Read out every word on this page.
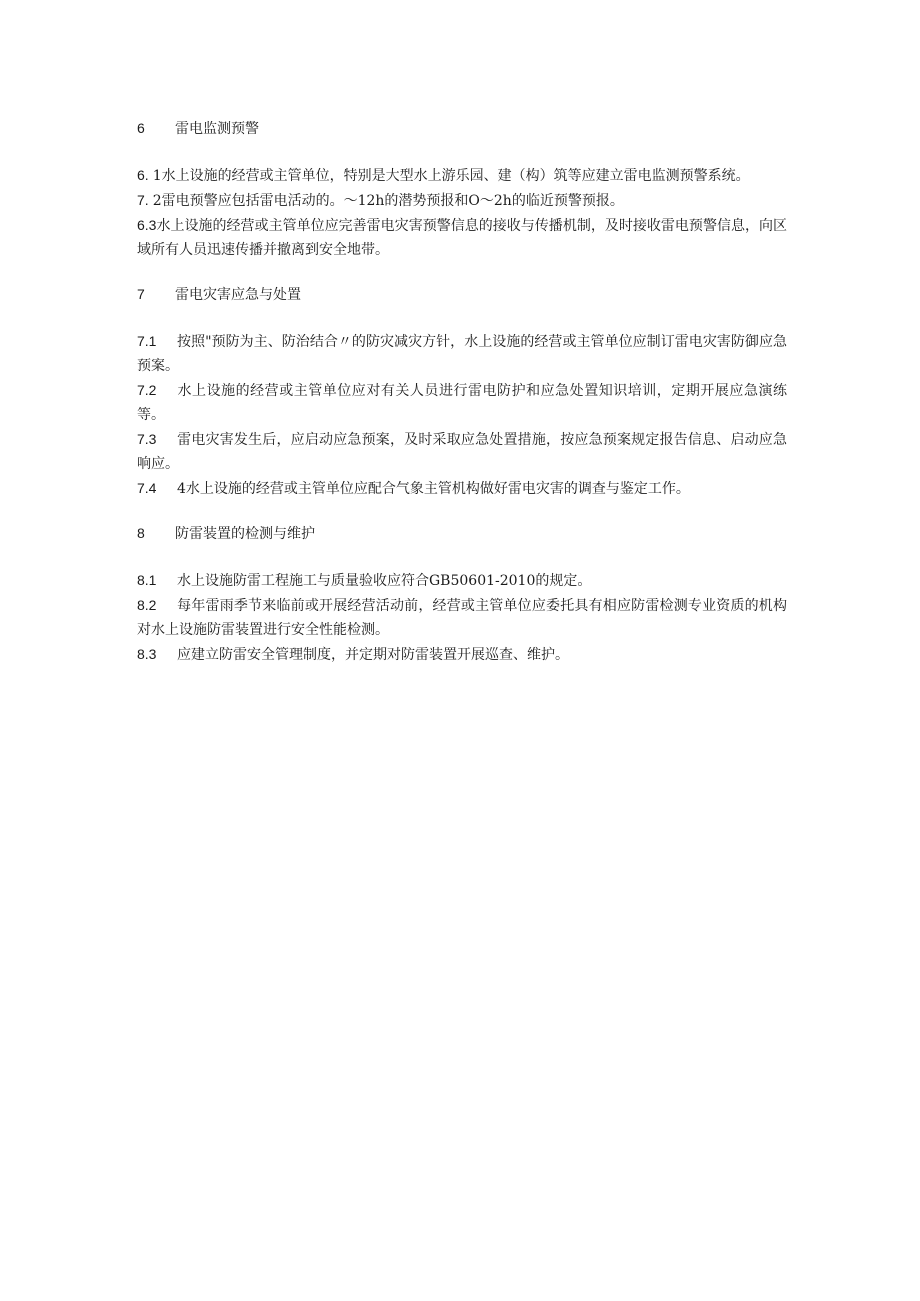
6	雷电监测预警

6. 1水上设施的经营或主管单位，特别是大型水上游乐园、建（构）筑等应建立雷电监测预警系统。

7. 2雷电预警应包括雷电活动的。〜12h的潜势预报和O〜2h的临近预警预报。

6.3水上设施的经营或主管单位应完善雷电灾害预警信息的接收与传播机制，及时接收雷电预警信息，向区域所有人员迅速传播并撤离到安全地带。

7	雷电灾害应急与处置

7.1 按照"预防为主、防治结合〃的防灾减灾方针，水上设施的经营或主管单位应制订雷电灾害防御应急预案。

7.2 水上设施的经营或主管单位应对有关人员进行雷电防护和应急处置知识培训，定期开展应急演练等。

7.3 雷电灾害发生后，应启动应急预案，及时采取应急处置措施，按应急预案规定报告信息、启动应急响应。

7.4 4水上设施的经营或主管单位应配合气象主管机构做好雷电灾害的调查与鉴定工作。

8	防雷装置的检测与维护

8.1 水上设施防雷工程施工与质量验收应符合GB50601-2010的规定。

8.2 每年雷雨季节来临前或开展经营活动前，经营或主管单位应委托具有相应防雷检测专业资质的机构对水上设施防雷装置进行安全性能检测。

8.3 应建立防雷安全管理制度，并定期对防雷装置开展巡查、维护。
